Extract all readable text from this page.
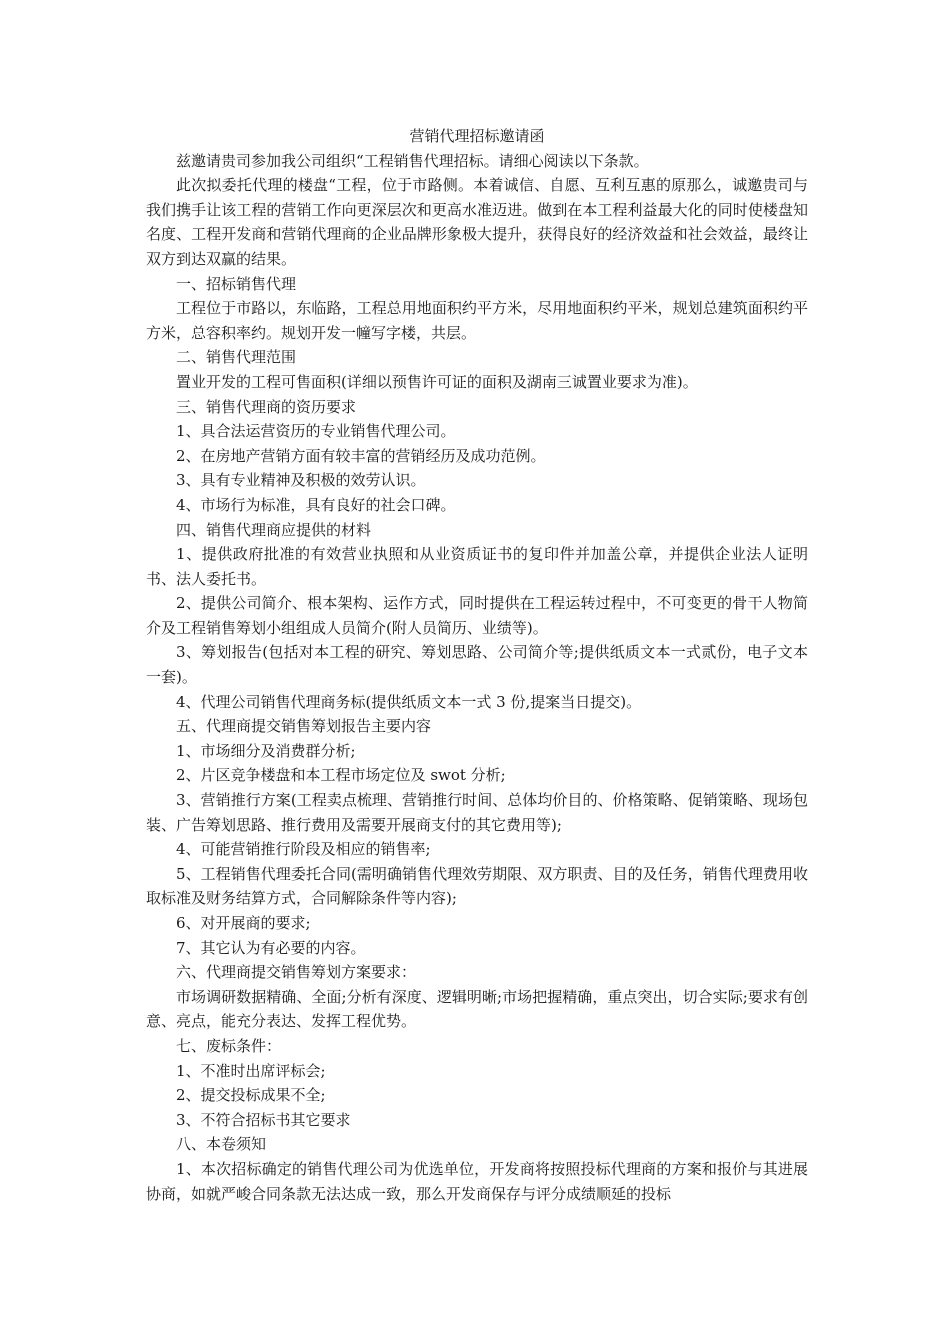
营销代理招标邀请函

兹邀请贵司参加我公司组织“工程销售代理招标。请细心阅读以下条款。

此次拟委托代理的楼盘“工程，位于市路侧。本着诚信、自愿、互利互惠的原那么，诚邀贵司与我们携手让该工程的营销工作向更深层次和更高水准迈进。做到在本工程利益最大化的同时使楼盘知名度、工程开发商和营销代理商的企业品牌形象极大提升，获得良好的经济效益和社会效益，最终让双方到达双赢的结果。

一、招标销售代理

工程位于市路以，东临路，工程总用地面积约平方米，尽用地面积约平米，规划总建筑面积约平方米，总容积率约。规划开发一幢写字楼，共层。

二、销售代理范围

置业开发的工程可售面积(详细以预售许可证的面积及湖南三诚置业要求为准)。

三、销售代理商的资历要求

1、具合法运营资历的专业销售代理公司。

2、在房地产营销方面有较丰富的营销经历及成功范例。

3、具有专业精神及积极的效劳认识。

4、市场行为标准，具有良好的社会口碑。

四、销售代理商应提供的材料

1、提供政府批准的有效营业执照和从业资质证书的复印件并加盖公章，并提供企业法人证明书、法人委托书。

2、提供公司简介、根本架构、运作方式，同时提供在工程运转过程中，不可变更的骨干人物简介及工程销售筹划小组组成人员简介(附人员简历、业绩等)。

3、筹划报告(包括对本工程的研究、筹划思路、公司简介等;提供纸质文本一式贰份，电子文本一套)。

4、代理公司销售代理商务标(提供纸质文本一式 3 份,提案当日提交)。

五、代理商提交销售筹划报告主要内容

1、市场细分及消费群分析;

2、片区竞争楼盘和本工程市场定位及 swot 分析;

3、营销推行方案(工程卖点梳理、营销推行时间、总体均价目的、价格策略、促销策略、现场包装、广告筹划思路、推行费用及需要开展商支付的其它费用等);

4、可能营销推行阶段及相应的销售率;

5、工程销售代理委托合同(需明确销售代理效劳期限、双方职责、目的及任务，销售代理费用收取标准及财务结算方式，合同解除条件等内容);

6、对开展商的要求;

7、其它认为有必要的内容。

六、代理商提交销售筹划方案要求：

市场调研数据精确、全面;分析有深度、逻辑明晰;市场把握精确，重点突出，切合实际;要求有创意、亮点，能充分表达、发挥工程优势。

七、废标条件：

1、不准时出席评标会;

2、提交投标成果不全;

3、不符合招标书其它要求

八、本卷须知

1、本次招标确定的销售代理公司为优选单位，开发商将按照投标代理商的方案和报价与其进展协商，如就严峻合同条款无法达成一致，那么开发商保存与评分成绩顺延的投标
